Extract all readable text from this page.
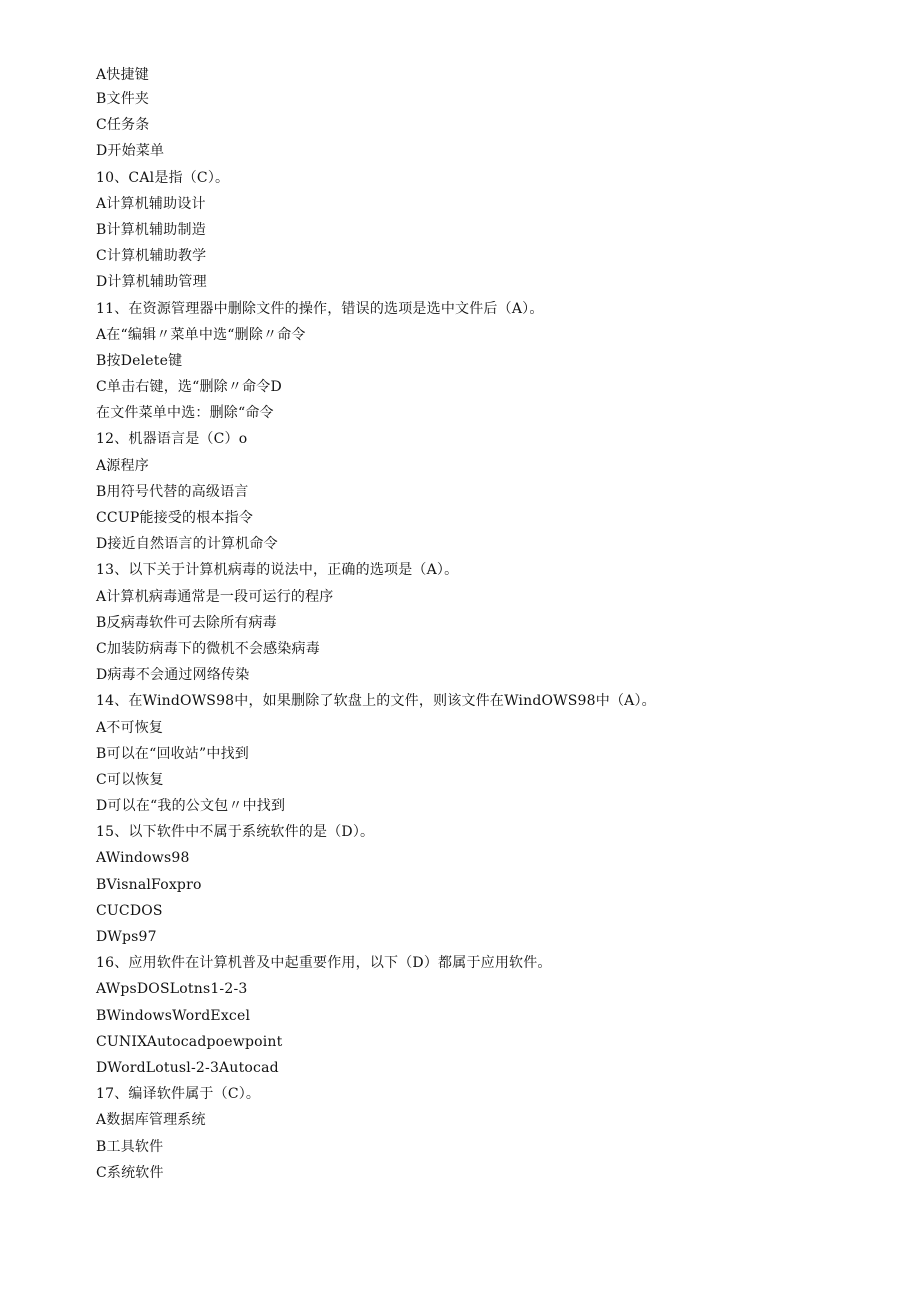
A快捷键
B文件夹
C任务条
D开始菜单
10、CAl是指（C）。
A计算机辅助设计
B计算机辅助制造
C计算机辅助教学
D计算机辅助管理
11、在资源管理器中删除文件的操作，错误的选项是选中文件后（A）。
A在“编辑〃菜单中选“删除〃命令
B按Delete键
C单击右键，选“删除〃命令D
在文件菜单中选：删除“命令
12、机器语言是（C）o
A源程序
B用符号代替的高级语言
CCUP能接受的根本指令
D接近自然语言的计算机命令
13、以下关于计算机病毒的说法中，正确的选项是（A）。
A计算机病毒通常是一段可运行的程序
B反病毒软件可去除所有病毒
C加装防病毒下的微机不会感染病毒
D病毒不会通过网络传染
14、在WindOWS98中，如果删除了软盘上的文件，则该文件在WindOWS98中（A）。
A不可恢复
B可以在“回收站”中找到
C可以恢复
D可以在“我的公文包〃中找到
15、以下软件中不属于系统软件的是（D）。
AWindows98
BVisnalFoxpro
CUCDOS
DWps97
16、应用软件在计算机普及中起重要作用，以下（D）都属于应用软件。
AWpsDOSLotns1-2-3
BWindowsWordExcel
CUNIXAutocadpoewpoint
DWordLotusl-2-3Autocad
17、编译软件属于（C）。
A数据库管理系统
B工具软件
C系统软件
